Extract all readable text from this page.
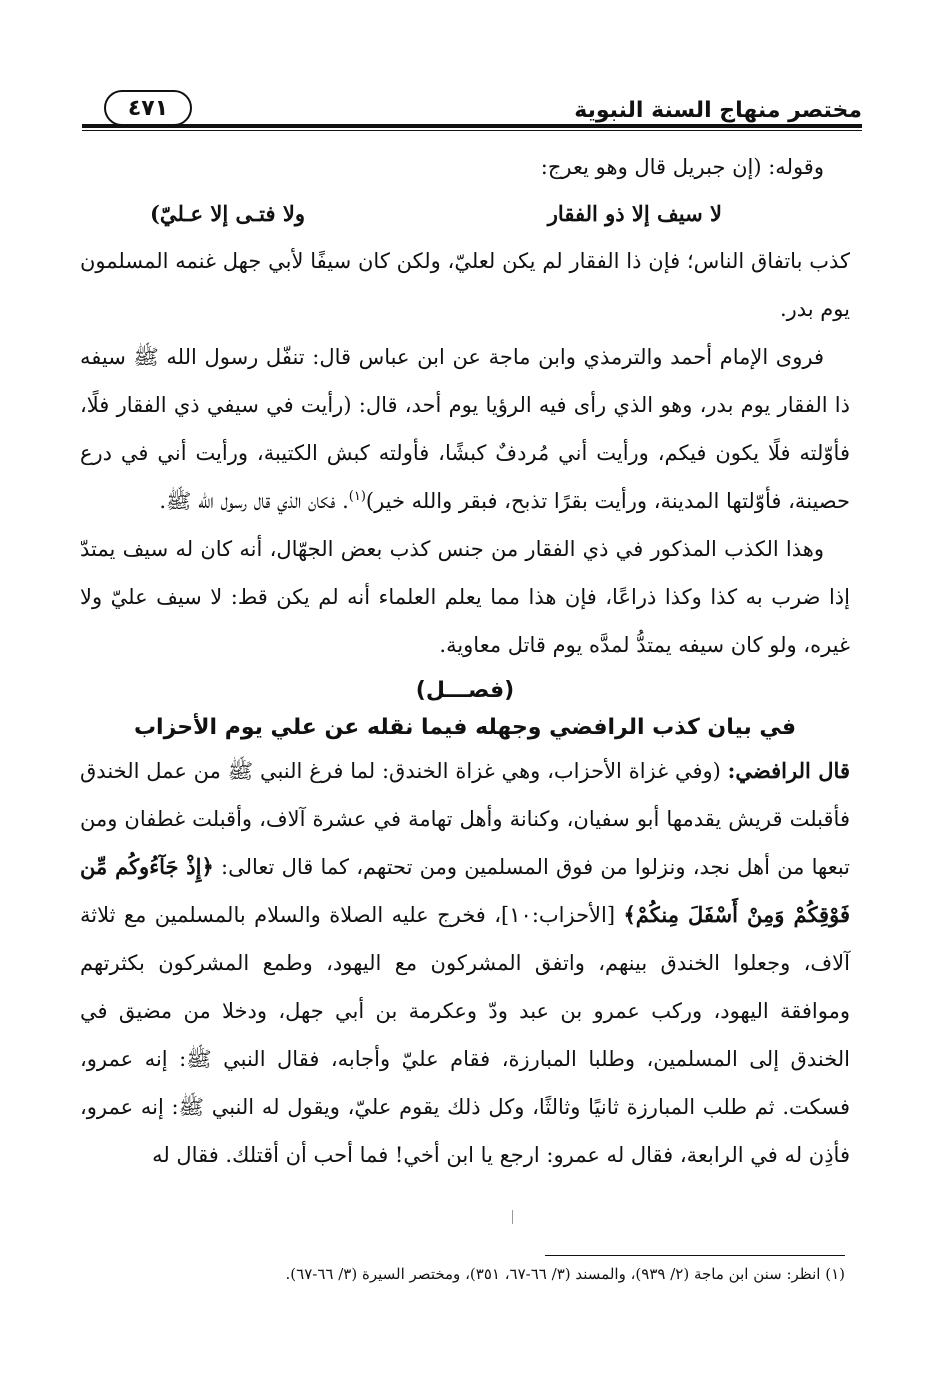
مختصر منهاج السنة النبوية
٤٧١

وقوله: (إن جبريل قال وهو يعرج:

لا سيف إلا ذو الفقار
ولا فتـى إلا عـليّ)

كذب باتفاق الناس؛ فإن ذا الفقار لم يكن لعليّ، ولكن كان سيفًا لأبي جهل غنمه المسلمون يوم بدر.

فروى الإمام أحمد والترمذي وابن ماجة عن ابن عباس قال: تنفّل رسول الله ﷺ سيفه ذا الفقار يوم بدر، وهو الذي رأى فيه الرؤيا يوم أحد، قال: (رأيت في سيفي ذي الفقار فلًا، فأوّلته فلًا يكون فيكم، ورأيت أني مُردفٌ كبشًا، فأولته كبش الكتيبة، ورأيت أني في درع حصينة، فأوّلتها المدينة، ورأيت بقرًا تذبح، فبقر والله خير)$^{(١)}$. فكان الذي قال رسول الله ﷺ.

وهذا الكذب المذكور في ذي الفقار من جنس كذب بعض الجهّال، أنه كان له سيف يمتدّ إذا ضرب به كذا وكذا ذراعًا، فإن هذا مما يعلم العلماء أنه لم يكن قط: لا سيف عليّ ولا غيره، ولو كان سيفه يمتدُّ لمدَّه يوم قاتل معاوية.

(فصـــل)
في بيان كذب الرافضي وجهله فيما نقله عن علي يوم الأحزاب

قال الرافضي: (وفي غزاة الأحزاب، وهي غزاة الخندق: لما فرغ النبي ﷺ من عمل الخندق فأقبلت قريش يقدمها أبو سفيان، وكنانة وأهل تهامة في عشرة آلاف، وأقبلت غطفان ومن تبعها من أهل نجد، ونزلوا من فوق المسلمين ومن تحتهم، كما قال تعالى: ﴿إِذْ جَآءُوكُم مِّن فَوْقِكُمْ وَمِنْ أَسْفَلَ مِنكُمْ﴾ [الأحزاب:١٠]، فخرج عليه الصلاة والسلام بالمسلمين مع ثلاثة آلاف، وجعلوا الخندق بينهم، واتفق المشركون مع اليهود، وطمع المشركون بكثرتهم وموافقة اليهود، وركب عمرو بن عبد ودّ وعكرمة بن أبي جهل، ودخلا من مضيق في الخندق إلى المسلمين، وطلبا المبارزة، فقام عليّ وأجابه، فقال النبي ﷺ: إنه عمرو، فسكت. ثم طلب المبارزة ثانيًا وثالثًا، وكل ذلك يقوم عليّ، ويقول له النبي ﷺ: إنه عمرو، فأذِن له في الرابعة، فقال له عمرو: ارجع يا ابن أخي! فما أحب أن أقتلك. فقال له

(١) انظر: سنن ابن ماجة (٢/ ٩٣٩)، والمسند (٣/ ٦٦-٦٧، ٣٥١)، ومختصر السيرة (٣/ ٦٦-٦٧).
